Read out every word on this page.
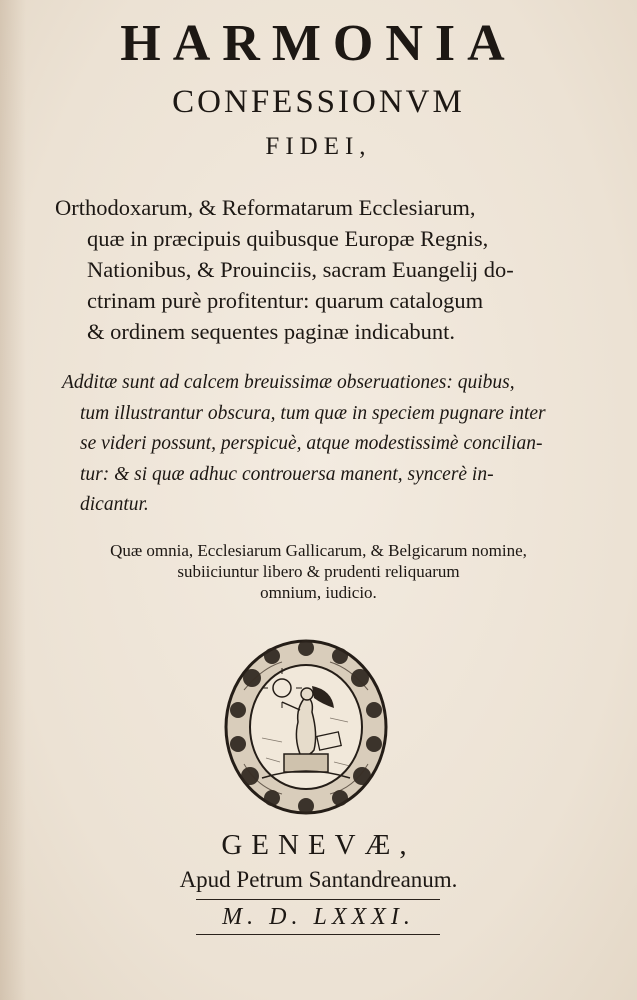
HARMONIA
CONFESSIONVM
FIDEI,
Orthodoxarum, & Reformatarum Ecclesiarum,
quæ in præcipuis quibusque Europæ Regnis,
Nationibus, & Prouinciis, sacram Euangelij do-
ctrinam purè profitentur: quarum catalogum
& ordinem sequentes paginæ indicabunt.
Additæ sunt ad calcem breuissimæ obseruationes: quibus,
tum illustrantur obscura, tum quæ in speciem pugnare inter
se videri possunt, perspicuè, atque modestissimè concilian-
tur: & si quæ adhuc controuersa manent, syncerè in-
dicantur.
Quæ omnia, Ecclesiarum Gallicarum, & Belgicarum nomine,
subiiciuntur libero & prudenti reliquarum
omnium, iudicio.
GENEVÆ,
Apud Petrum Santandreanum.
M. D. LXXXI.
